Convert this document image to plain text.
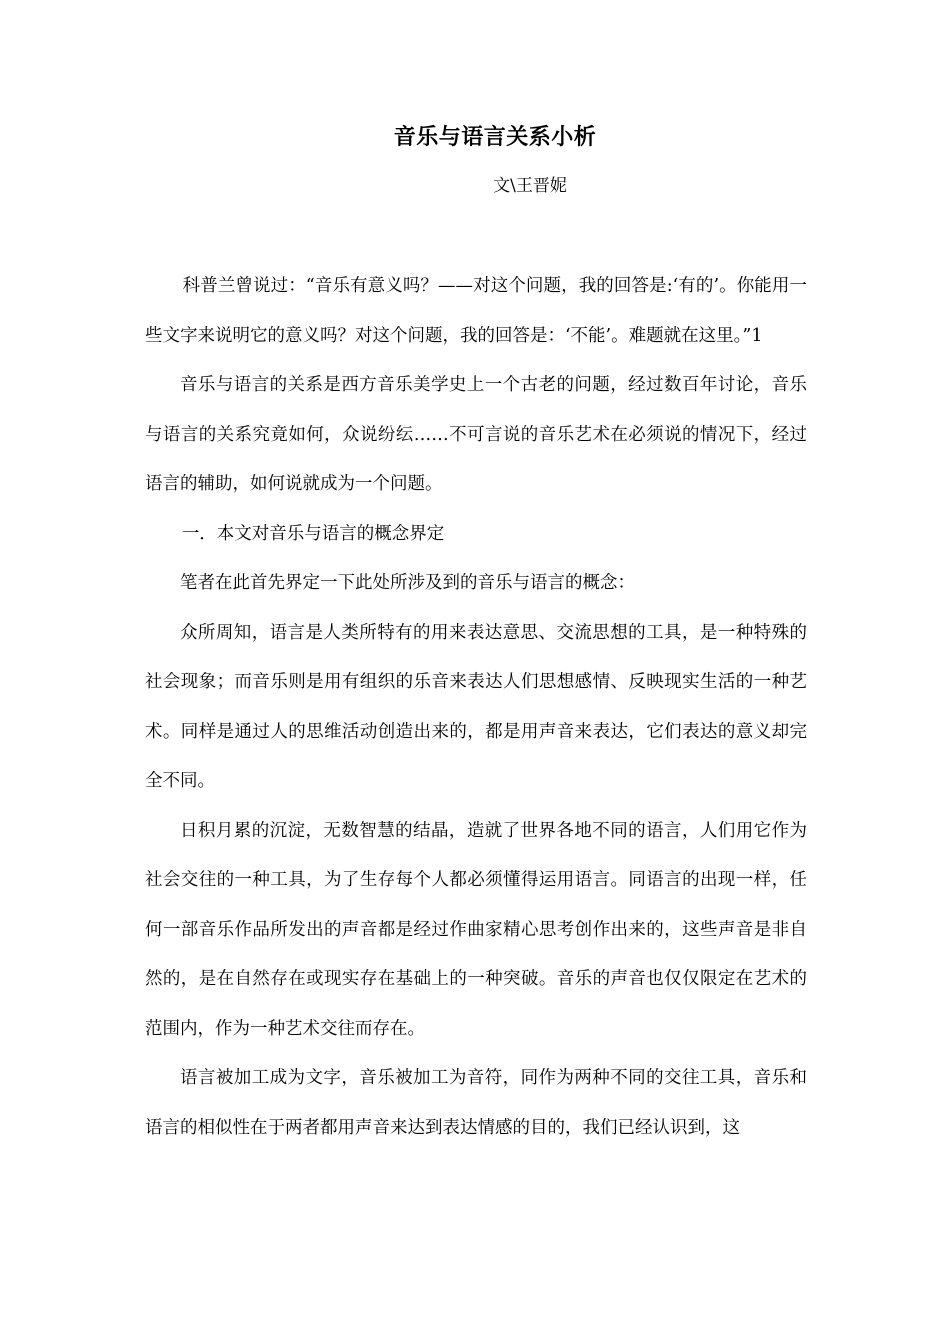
音乐与语言关系小析
文\王晋妮

科普兰曾说过：“音乐有意义吗？——对这个问题，我的回答是:‘有的’。你能用一些文字来说明它的意义吗？对这个问题，我的回答是：‘不能’。难题就在这里。”1

音乐与语言的关系是西方音乐美学史上一个古老的问题，经过数百年讨论，音乐与语言的关系究竟如何，众说纷纭……不可言说的音乐艺术在必须说的情况下，经过语言的辅助，如何说就成为一个问题。

一．本文对音乐与语言的概念界定

笔者在此首先界定一下此处所涉及到的音乐与语言的概念：

众所周知，语言是人类所特有的用来表达意思、交流思想的工具，是一种特殊的社会现象；而音乐则是用有组织的乐音来表达人们思想感情、反映现实生活的一种艺术。同样是通过人的思维活动创造出来的，都是用声音来表达，它们表达的意义却完全不同。

日积月累的沉淀，无数智慧的结晶，造就了世界各地不同的语言，人们用它作为社会交往的一种工具，为了生存每个人都必须懂得运用语言。同语言的出现一样，任何一部音乐作品所发出的声音都是经过作曲家精心思考创作出来的，这些声音是非自然的，是在自然存在或现实存在基础上的一种突破。音乐的声音也仅仅限定在艺术的范围内，作为一种艺术交往而存在。

语言被加工成为文字，音乐被加工为音符，同作为两种不同的交往工具，音乐和语言的相似性在于两者都用声音来达到表达情感的目的，我们已经认识到，这
